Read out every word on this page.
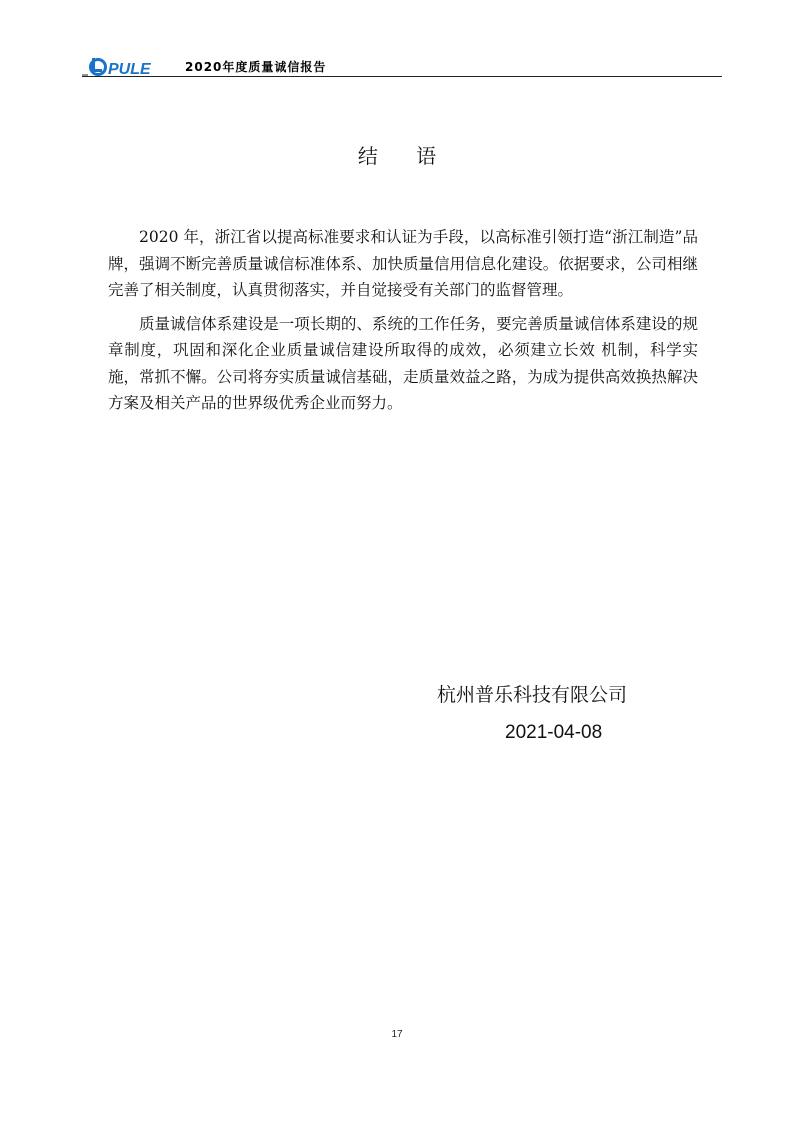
PULE	2020年度质量诚信报告
结 语

2020 年，浙江省以提高标准要求和认证为手段，以高标准引领打造“浙江制造”品牌，强调不断完善质量诚信标准体系、加快质量信用信息化建设。依据要求，公司相继完善了相关制度，认真贯彻落实，并自觉接受有关部门的监督管理。

质量诚信体系建设是一项长期的、系统的工作任务，要完善质量诚信体系建设的规章制度，巩固和深化企业质量诚信建设所取得的成效，必须建立长效 机制，科学实施，常抓不懈。公司将夯实质量诚信基础，走质量效益之路，为成为提供高效换热解决方案及相关产品的世界级优秀企业而努力。

杭州普乐科技有限公司
2021-04-08
17
